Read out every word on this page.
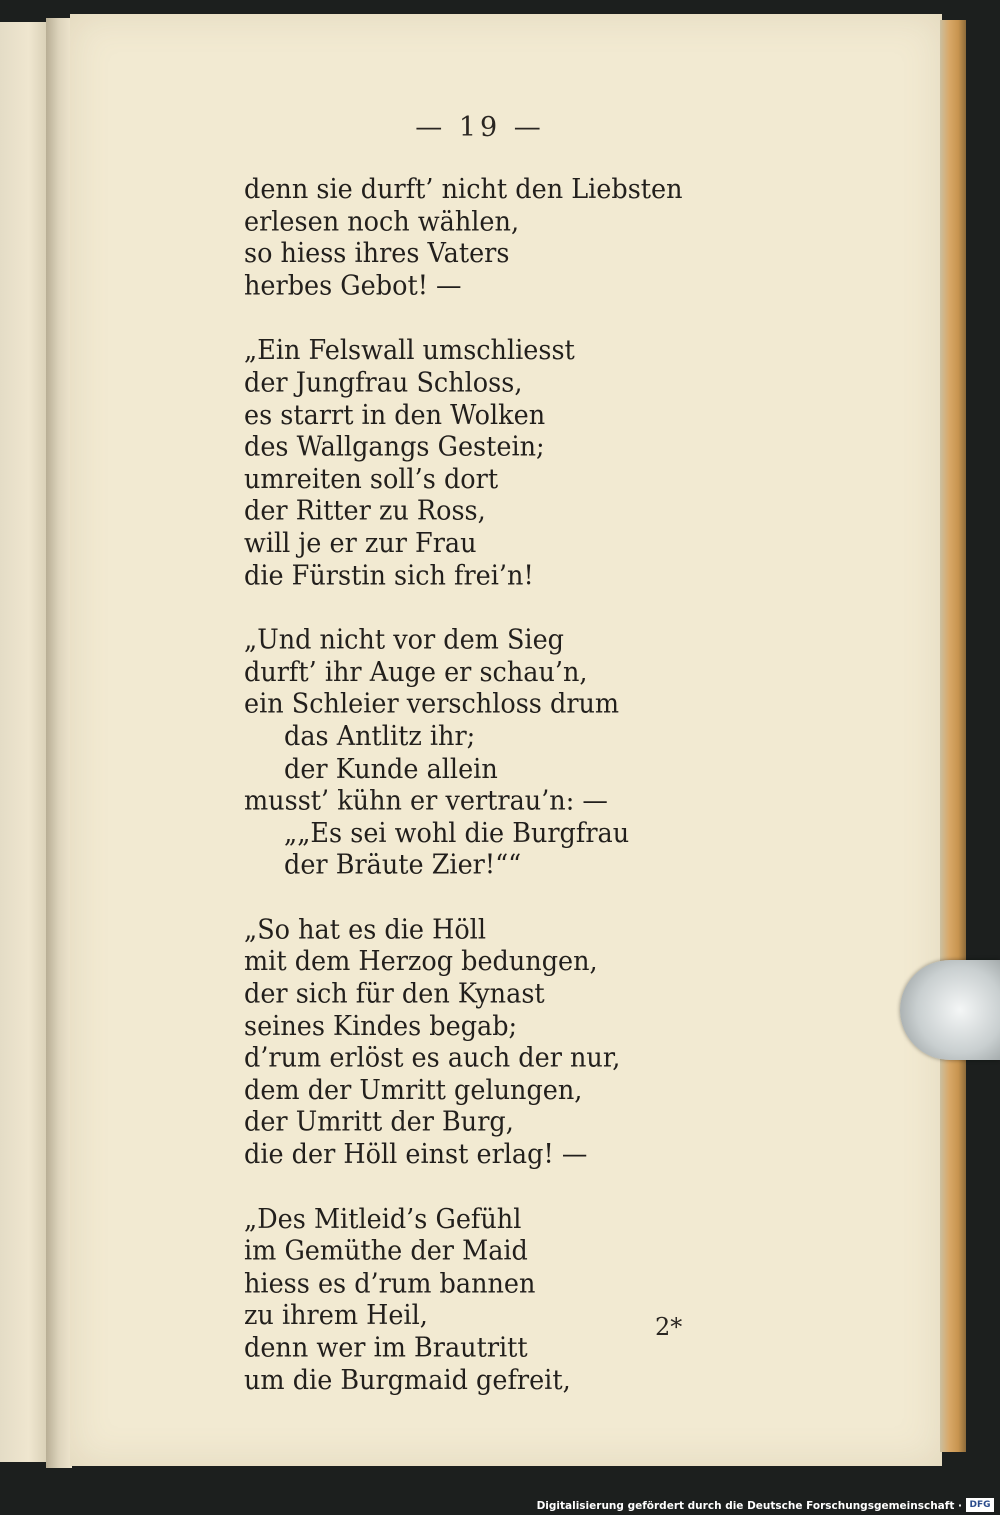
— 19 —
denn sie durft’ nicht den Liebsten
erlesen noch wählen,
so hiess ihres Vaters
herbes Gebot! —
„Ein Felswall umschliesst
der Jungfrau Schloss,
es starrt in den Wolken
des Wallgangs Gestein;
umreiten soll’s dort
der Ritter zu Ross,
will je er zur Frau
die Fürstin sich frei’n!
„Und nicht vor dem Sieg
durft’ ihr Auge er schau’n,
ein Schleier verschloss drum
das Antlitz ihr;
der Kunde allein
musst’ kühn er vertrau’n: —
„„Es sei wohl die Burgfrau
der Bräute Zier!““
„So hat es die Höll
mit dem Herzog bedungen,
der sich für den Kynast
seines Kindes begab;
d’rum erlöst es auch der nur,
dem der Umritt gelungen,
der Umritt der Burg,
die der Höll einst erlag! —
„Des Mitleid’s Gefühl
im Gemüthe der Maid
hiess es d’rum bannen
zu ihrem Heil,
denn wer im Brautritt
um die Burgmaid gefreit,
2*
Digitalisierung gefördert durch die Deutsche Forschungsgemeinschaft · DFG
